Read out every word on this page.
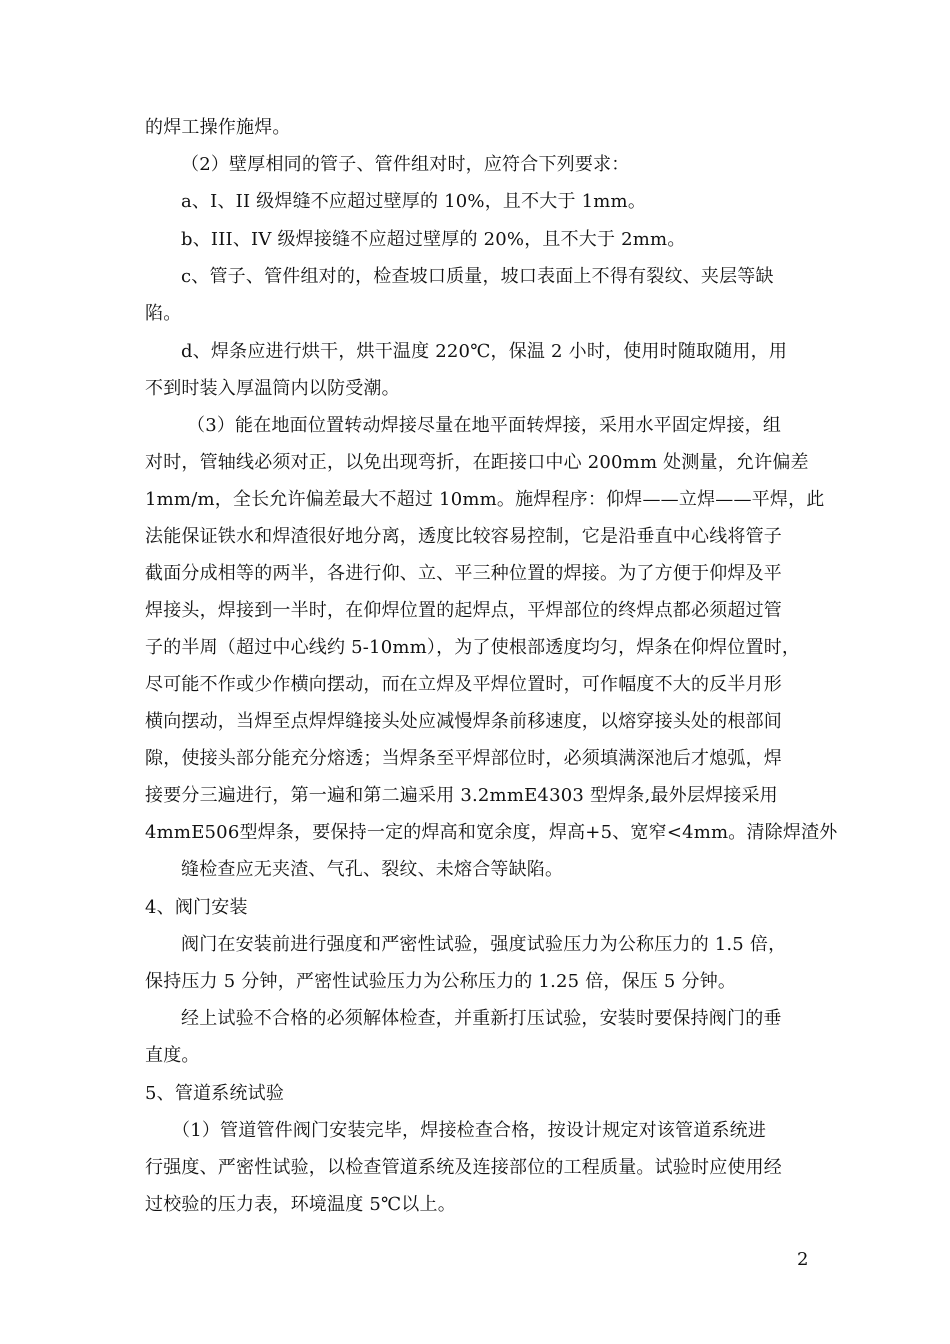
的焊工操作施焊。
（2）壁厚相同的管子、管件组对时，应符合下列要求：
a、I、II 级焊缝不应超过壁厚的 10%，且不大于 1mm。
b、III、IV 级焊接缝不应超过壁厚的 20%，且不大于 2mm。
c、管子、管件组对的，检查坡口质量，坡口表面上不得有裂纹、夹层等缺
陷。
d、焊条应进行烘干，烘干温度 220℃，保温 2 小时，使用时随取随用，用
不到时装入厚温筒内以防受潮。
（3）能在地面位置转动焊接尽量在地平面转焊接，采用水平固定焊接，组
对时，管轴线必须对正，以免出现弯折，在距接口中心 200mm 处测量，允许偏差
1mm/m，全长允许偏差最大不超过 10mm。施焊程序：仰焊——立焊——平焊，此
法能保证铁水和焊渣很好地分离，透度比较容易控制，它是沿垂直中心线将管子
截面分成相等的两半，各进行仰、立、平三种位置的焊接。为了方便于仰焊及平
焊接头，焊接到一半时，在仰焊位置的起焊点，平焊部位的终焊点都必须超过管
子的半周（超过中心线约 5-10mm），为了使根部透度均匀，焊条在仰焊位置时，
尽可能不作或少作横向摆动，而在立焊及平焊位置时，可作幅度不大的反半月形
横向摆动，当焊至点焊焊缝接头处应减慢焊条前移速度，以熔穿接头处的根部间
隙，使接头部分能充分熔透；当焊条至平焊部位时，必须填满深池后才熄弧，焊
接要分三遍进行，第一遍和第二遍采用 3.2mmE4303 型焊条,最外层焊接采用
4mmE506型焊条，要保持一定的焊高和宽余度，焊高+5、宽窄<4mm。清除焊渣外
缝检查应无夹渣、气孔、裂纹、未熔合等缺陷。
4、阀门安装
阀门在安装前进行强度和严密性试验，强度试验压力为公称压力的 1.5 倍，
保持压力 5 分钟，严密性试验压力为公称压力的 1.25 倍，保压 5 分钟。
经上试验不合格的必须解体检查，并重新打压试验，安装时要保持阀门的垂
直度。
5、管道系统试验
（1）管道管件阀门安装完毕，焊接检查合格，按设计规定对该管道系统进
行强度、严密性试验，以检查管道系统及连接部位的工程质量。试验时应使用经
过校验的压力表，环境温度 5℃以上。
2
